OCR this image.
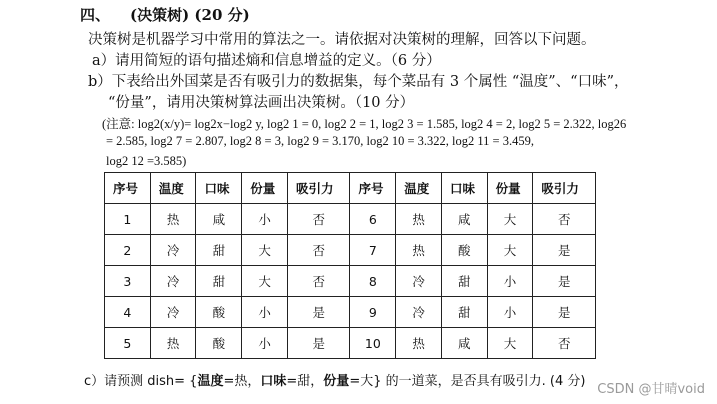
四、 (决策树) (20 分)
决策树是机器学习中常用的算法之一。请依据对决策树的理解，回答以下问题。
a）请用简短的语句描述熵和信息增益的定义。（6 分）
b）下表给出外国菜是否有吸引力的数据集，每个菜品有 3 个属性 “温度”、“口味”，
“份量”，请用决策树算法画出决策树。（10 分）
(注意: log2(x/y)= log2x−log2 y, log2 1 = 0, log2 2 = 1, log2 3 = 1.585, log2 4 = 2, log2 5 = 2.322, log26
= 2.585, log2 7 = 2.807, log2 8 = 3, log2 9 = 3.170, log2 10 = 3.322, log2 11 = 3.459,
log2 12 =3.585)
序号	温度	口味	份量	吸引力	序号	温度	口味	份量	吸引力
1	热	咸	小	否	6	热	咸	大	否
2	冷	甜	大	否	7	热	酸	大	是
3	冷	甜	大	否	8	冷	甜	小	是
4	冷	酸	小	是	9	冷	甜	小	是
5	热	酸	小	是	10	热	咸	大	否
c）请预测 dish= {温度=热，口味=甜，份量=大} 的一道菜，是否具有吸引力. (4 分)
CSDN @甘晴void
